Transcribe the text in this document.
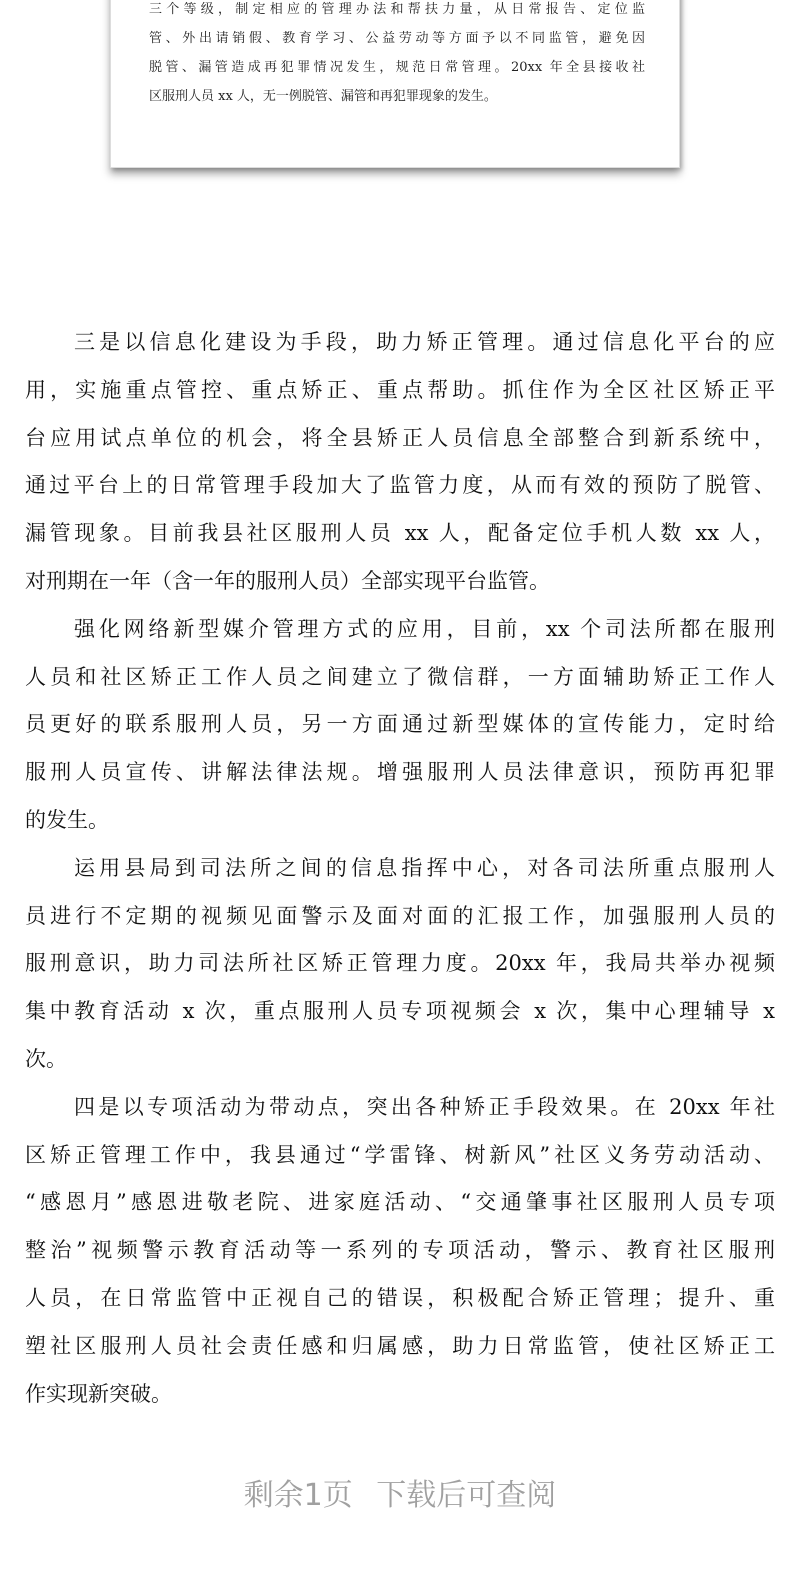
三个等级，制定相应的管理办法和帮扶力量，从日常报告、定位监
管、外出请销假、教育学习、公益劳动等方面予以不同监管，避免因
脱管、漏管造成再犯罪情况发生，规范日常管理。20xx 年全县接收社
区服刑人员 xx 人，无一例脱管、漏管和再犯罪现象的发生。
三是以信息化建设为手段，助力矫正管理。通过信息化平台的应
用，实施重点管控、重点矫正、重点帮助。抓住作为全区社区矫正平
台应用试点单位的机会，将全县矫正人员信息全部整合到新系统中，
通过平台上的日常管理手段加大了监管力度，从而有效的预防了脱管、
漏管现象。目前我县社区服刑人员 xx 人，配备定位手机人数 xx 人，
对刑期在一年（含一年的服刑人员）全部实现平台监管。
强化网络新型媒介管理方式的应用，目前，xx 个司法所都在服刑
人员和社区矫正工作人员之间建立了微信群，一方面辅助矫正工作人
员更好的联系服刑人员，另一方面通过新型媒体的宣传能力，定时给
服刑人员宣传、讲解法律法规。增强服刑人员法律意识，预防再犯罪
的发生。
运用县局到司法所之间的信息指挥中心，对各司法所重点服刑人
员进行不定期的视频见面警示及面对面的汇报工作，加强服刑人员的
服刑意识，助力司法所社区矫正管理力度。20xx 年，我局共举办视频
集中教育活动 x 次，重点服刑人员专项视频会 x 次，集中心理辅导 x
次。
四是以专项活动为带动点，突出各种矫正手段效果。在 20xx 年社
区矫正管理工作中，我县通过“学雷锋、树新风”社区义务劳动活动、
“感恩月”感恩进敬老院、进家庭活动、“交通肇事社区服刑人员专项
整治”视频警示教育活动等一系列的专项活动，警示、教育社区服刑
人员，在日常监管中正视自己的错误，积极配合矫正管理；提升、重
塑社区服刑人员社会责任感和归属感，助力日常监管，使社区矫正工
作实现新突破。
剩余1页 下载后可查阅
